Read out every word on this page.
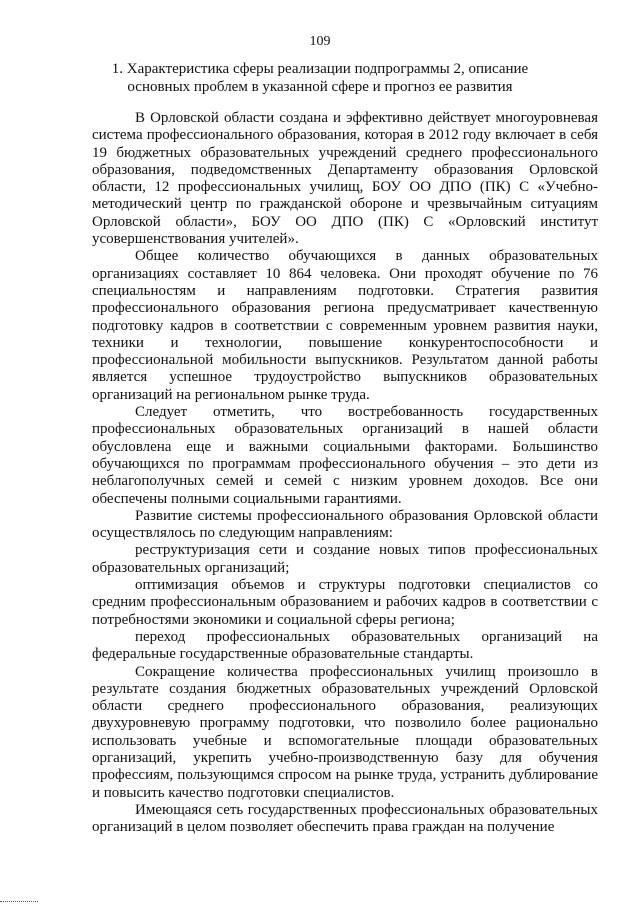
109
1. Характеристика сферы реализации подпрограммы 2, описание основных проблем в указанной сфере и прогноз ее развития

В Орловской области создана и эффективно действует многоуровневая система профессионального образования, которая в 2012 году включает в себя 19 бюджетных образовательных учреждений среднего профессионального образования, подведомственных Департаменту образования Орловской области, 12 профессиональных училищ, БОУ ОО ДПО (ПК) С «Учебно-методический центр по гражданской обороне и чрезвычайным ситуациям Орловской области», БОУ ОО ДПО (ПК) С «Орловский институт усовершенствования учителей».

Общее количество обучающихся в данных образовательных организациях составляет 10 864 человека. Они проходят обучение по 76 специальностям и направлениям подготовки. Стратегия развития профессионального образования региона предусматривает качественную подготовку кадров в соответствии с современным уровнем развития науки, техники и технологии, повышение конкурентоспособности и профессиональной мобильности выпускников. Результатом данной работы является успешное трудоустройство выпускников образовательных организаций на региональном рынке труда.

Следует отметить, что востребованность государственных профессиональных образовательных организаций в нашей области обусловлена еще и важными социальными факторами. Большинство обучающихся по программам профессионального обучения – это дети из неблагополучных семей и семей с низким уровнем доходов. Все они обеспечены полными социальными гарантиями.

Развитие системы профессионального образования Орловской области осуществлялось по следующим направлениям:

реструктуризация сети и создание новых типов профессиональных образовательных организаций;

оптимизация объемов и структуры подготовки специалистов со средним профессиональным образованием и рабочих кадров в соответствии с потребностями экономики и социальной сферы региона;

переход профессиональных образовательных организаций на федеральные государственные образовательные стандарты.

Сокращение количества профессиональных училищ произошло в результате создания бюджетных образовательных учреждений Орловской области среднего профессионального образования, реализующих двухуровневую программу подготовки, что позволило более рационально использовать учебные и вспомогательные площади образовательных организаций, укрепить учебно-производственную базу для обучения профессиям, пользующимся спросом на рынке труда, устранить дублирование и повысить качество подготовки специалистов.

Имеющаяся сеть государственных профессиональных образовательных организаций в целом позволяет обеспечить права граждан на получение
